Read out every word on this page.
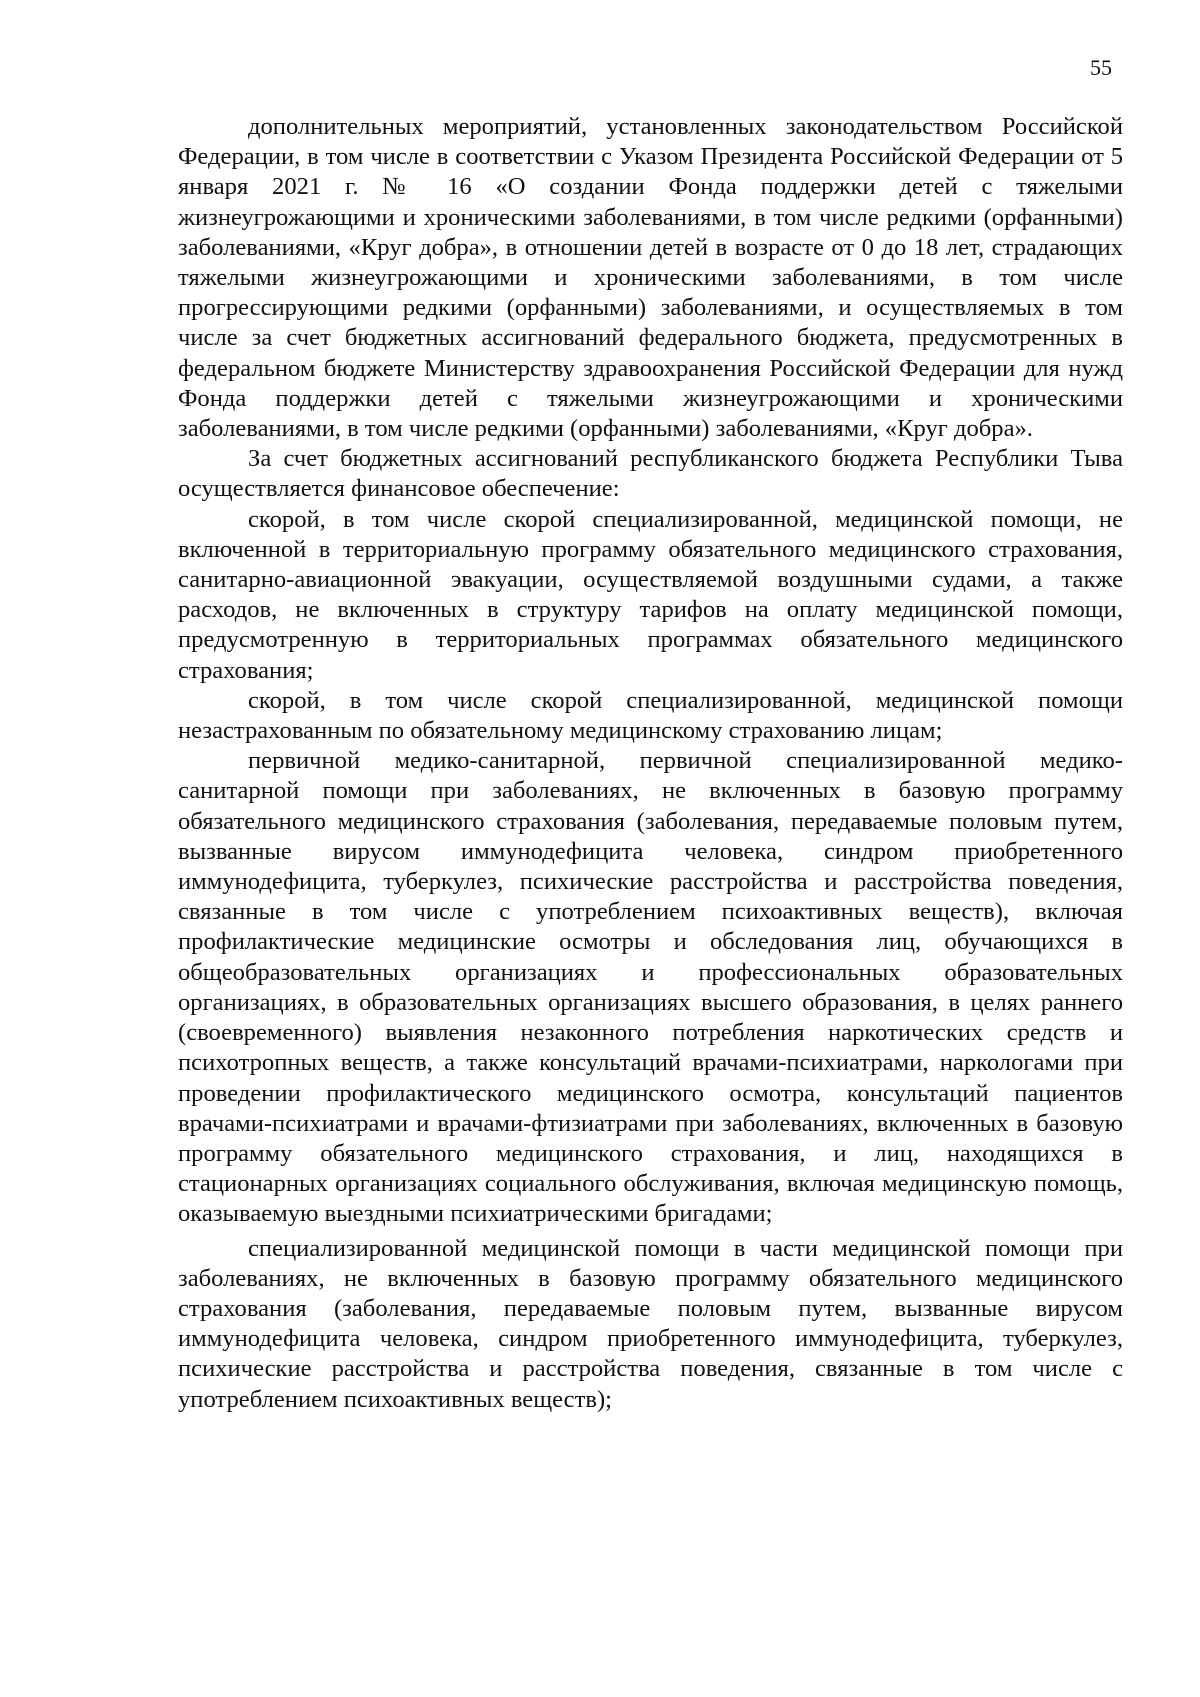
55

дополнительных мероприятий, установленных законодательством Российской Федерации, в том числе в соответствии с Указом Президента Российской Федерации от 5 января 2021 г. № 16 «О создании Фонда поддержки детей с тяжелыми жизнеугрожающими и хроническими заболеваниями, в том числе редкими (орфанными) заболеваниями, «Круг добра», в отношении детей в возрасте от 0 до 18 лет, страдающих тяжелыми жизнеугрожающими и хроническими заболеваниями, в том числе прогрессирующими редкими (орфанными) заболеваниями, и осуществляемых в том числе за счет бюджетных ассигнований федерального бюджета, предусмотренных в федеральном бюджете Министерству здравоохранения Российской Федерации для нужд Фонда поддержки детей с тяжелыми жизнеугрожающими и хроническими заболеваниями, в том числе редкими (орфанными) заболеваниями, «Круг добра».

За счет бюджетных ассигнований республиканского бюджета Республики Тыва осуществляется финансовое обеспечение:

скорой, в том числе скорой специализированной, медицинской помощи, не включенной в территориальную программу обязательного медицинского страхования, санитарно-авиационной эвакуации, осуществляемой воздушными судами, а также расходов, не включенных в структуру тарифов на оплату медицинской помощи, предусмотренную в территориальных программах обязательного медицинского страхования;

скорой, в том числе скорой специализированной, медицинской помощи незастрахованным по обязательному медицинскому страхованию лицам;

первичной медико-санитарной, первичной специализированной медико-санитарной помощи при заболеваниях, не включенных в базовую программу обязательного медицинского страхования (заболевания, передаваемые половым путем, вызванные вирусом иммунодефицита человека, синдром приобретенного иммунодефицита, туберкулез, психические расстройства и расстройства поведения, связанные в том числе с употреблением психоактивных веществ), включая профилактические медицинские осмотры и обследования лиц, обучающихся в общеобразовательных организациях и профессиональных образовательных организациях, в образовательных организациях высшего образования, в целях раннего (своевременного) выявления незаконного потребления наркотических средств и психотропных веществ, а также консультаций врачами-психиатрами, наркологами при проведении профилактического медицинского осмотра, консультаций пациентов врачами-психиатрами и врачами-фтизиатрами при заболеваниях, включенных в базовую программу обязательного медицинского страхования, и лиц, находящихся в стационарных организациях социального обслуживания, включая медицинскую помощь, оказываемую выездными психиатрическими бригадами;

специализированной медицинской помощи в части медицинской помощи при заболеваниях, не включенных в базовую программу обязательного медицинского страхования (заболевания, передаваемые половым путем, вызванные вирусом иммунодефицита человека, синдром приобретенного иммунодефицита, туберкулез, психические расстройства и расстройства поведения, связанные в том числе с употреблением психоактивных веществ);
